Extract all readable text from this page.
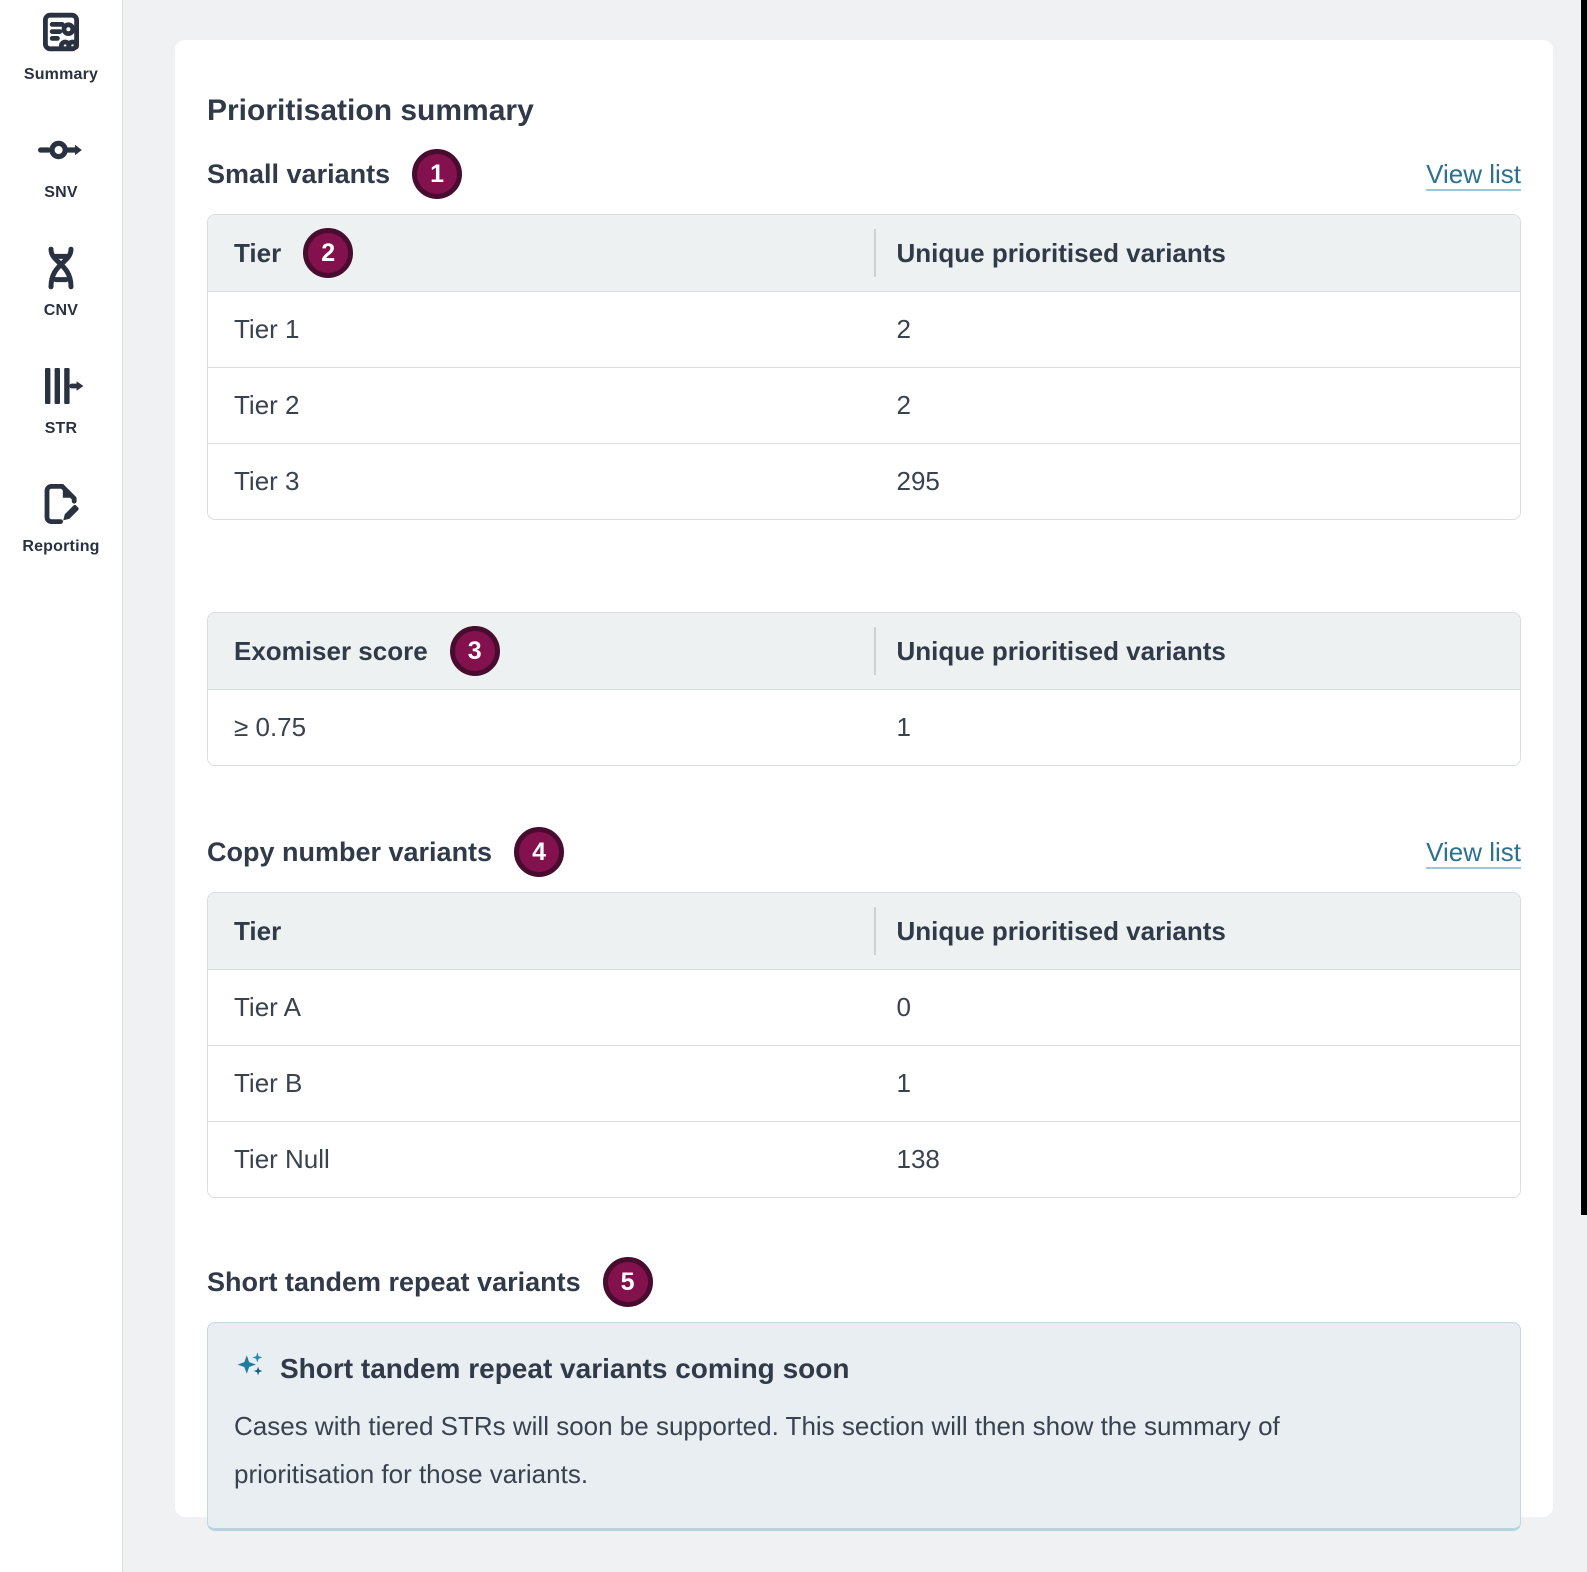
Summary
SNV
CNV
STR
Reporting
Prioritisation summary
Small variants	1	View list
Tier	2	Unique prioritised variants
Tier 1	2
Tier 2	2
Tier 3	295
Exomiser score	3	Unique prioritised variants
≥ 0.75	1
Copy number variants	4	View list
Tier	Unique prioritised variants
Tier A	0
Tier B	1
Tier Null	138
Short tandem repeat variants	5
Short tandem repeat variants coming soon
Cases with tiered STRs will soon be supported. This section will then show the summary of prioritisation for those variants.
